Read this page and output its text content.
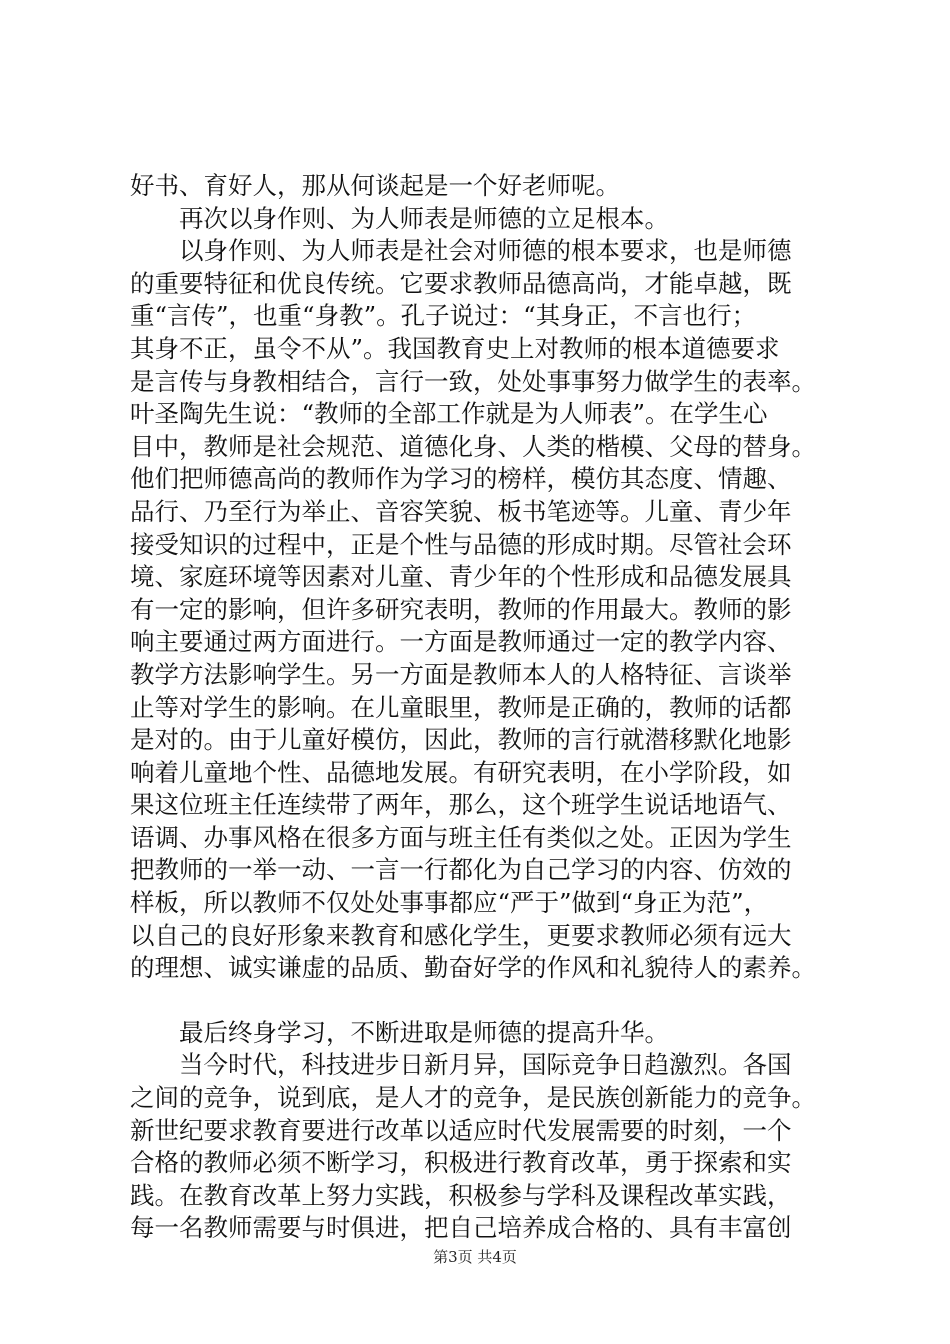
好书、育好人，那从何谈起是一个好老师呢。
再次以身作则、为人师表是师德的立足根本。
以身作则、为人师表是社会对师德的根本要求，也是师德
的重要特征和优良传统。它要求教师品德高尚，才能卓越，既
重“言传”，也重“身教”。孔子说过：“其身正，不言也行；
其身不正，虽令不从”。我国教育史上对教师的根本道德要求
是言传与身教相结合，言行一致，处处事事努力做学生的表率。
叶圣陶先生说：“教师的全部工作就是为人师表”。在学生心
目中，教师是社会规范、道德化身、人类的楷模、父母的替身。
他们把师德高尚的教师作为学习的榜样，模仿其态度、情趣、
品行、乃至行为举止、音容笑貌、板书笔迹等。儿童、青少年
接受知识的过程中，正是个性与品德的形成时期。尽管社会环
境、家庭环境等因素对儿童、青少年的个性形成和品德发展具
有一定的影响，但许多研究表明，教师的作用最大。教师的影
响主要通过两方面进行。一方面是教师通过一定的教学内容、
教学方法影响学生。另一方面是教师本人的人格特征、言谈举
止等对学生的影响。在儿童眼里，教师是正确的，教师的话都
是对的。由于儿童好模仿，因此，教师的言行就潜移默化地影
响着儿童地个性、品德地发展。有研究表明，在小学阶段，如
果这位班主任连续带了两年，那么，这个班学生说话地语气、
语调、办事风格在很多方面与班主任有类似之处。正因为学生
把教师的一举一动、一言一行都化为自己学习的内容、仿效的
样板，所以教师不仅处处事事都应“严于”做到“身正为范”，
以自己的良好形象来教育和感化学生，更要求教师必须有远大
的理想、诚实谦虚的品质、勤奋好学的作风和礼貌待人的素养。
最后终身学习，不断进取是师德的提高升华。
当今时代，科技进步日新月异，国际竞争日趋激烈。各国
之间的竞争，说到底，是人才的竞争，是民族创新能力的竞争。
新世纪要求教育要进行改革以适应时代发展需要的时刻，一个
合格的教师必须不断学习，积极进行教育改革，勇于探索和实
践。在教育改革上努力实践，积极参与学科及课程改革实践，
每一名教师需要与时俱进，把自己培养成合格的、具有丰富创
第3页 共4页
